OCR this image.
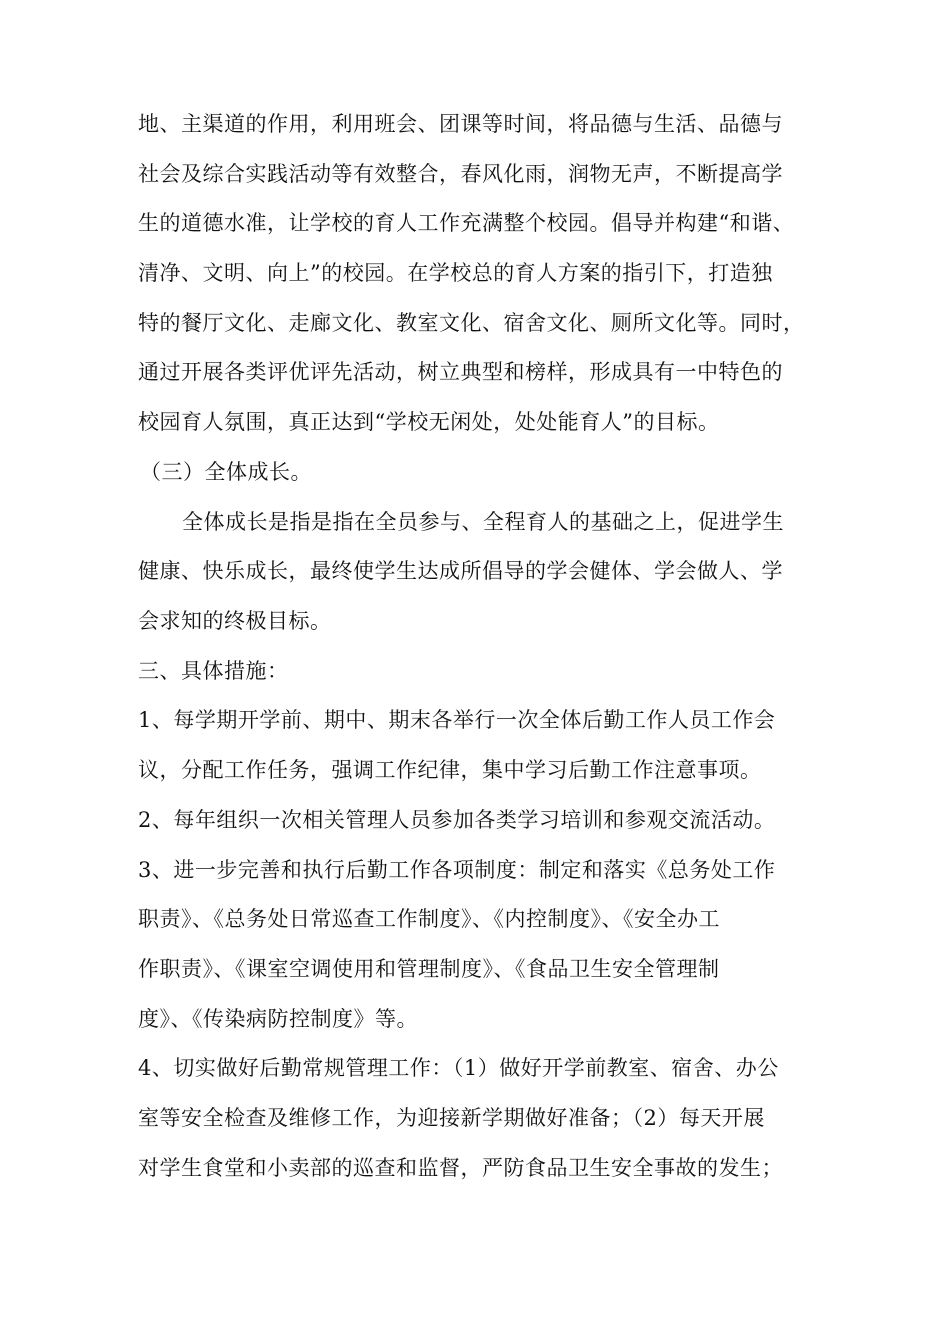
地、主渠道的作用，利用班会、团课等时间，将品德与生活、品德与
社会及综合实践活动等有效整合，春风化雨，润物无声，不断提高学
生的道德水准，让学校的育人工作充满整个校园。倡导并构建“和谐、
清净、文明、向上”的校园。在学校总的育人方案的指引下，打造独
特的餐厅文化、走廊文化、教室文化、宿舍文化、厕所文化等。同时，
通过开展各类评优评先活动，树立典型和榜样，形成具有一中特色的
校园育人氛围，真正达到“学校无闲处，处处能育人”的目标。
（三）全体成长。
全体成长是指是指在全员参与、全程育人的基础之上，促进学生
健康、快乐成长，最终使学生达成所倡导的学会健体、学会做人、学
会求知的终极目标。
三、具体措施：
1、每学期开学前、期中、期末各举行一次全体后勤工作人员工作会
议，分配工作任务，强调工作纪律，集中学习后勤工作注意事项。
2、每年组织一次相关管理人员参加各类学习培训和参观交流活动。
3、进一步完善和执行后勤工作各项制度：制定和落实《总务处工作
职责》、《总务处日常巡查工作制度》、《内控制度》、《安全办工
作职责》、《课室空调使用和管理制度》、《食品卫生安全管理制
度》、《传染病防控制度》等。
4、切实做好后勤常规管理工作：（1）做好开学前教室、宿舍、办公
室等安全检查及维修工作，为迎接新学期做好准备；（2）每天开展
对学生食堂和小卖部的巡查和监督，严防食品卫生安全事故的发生；
